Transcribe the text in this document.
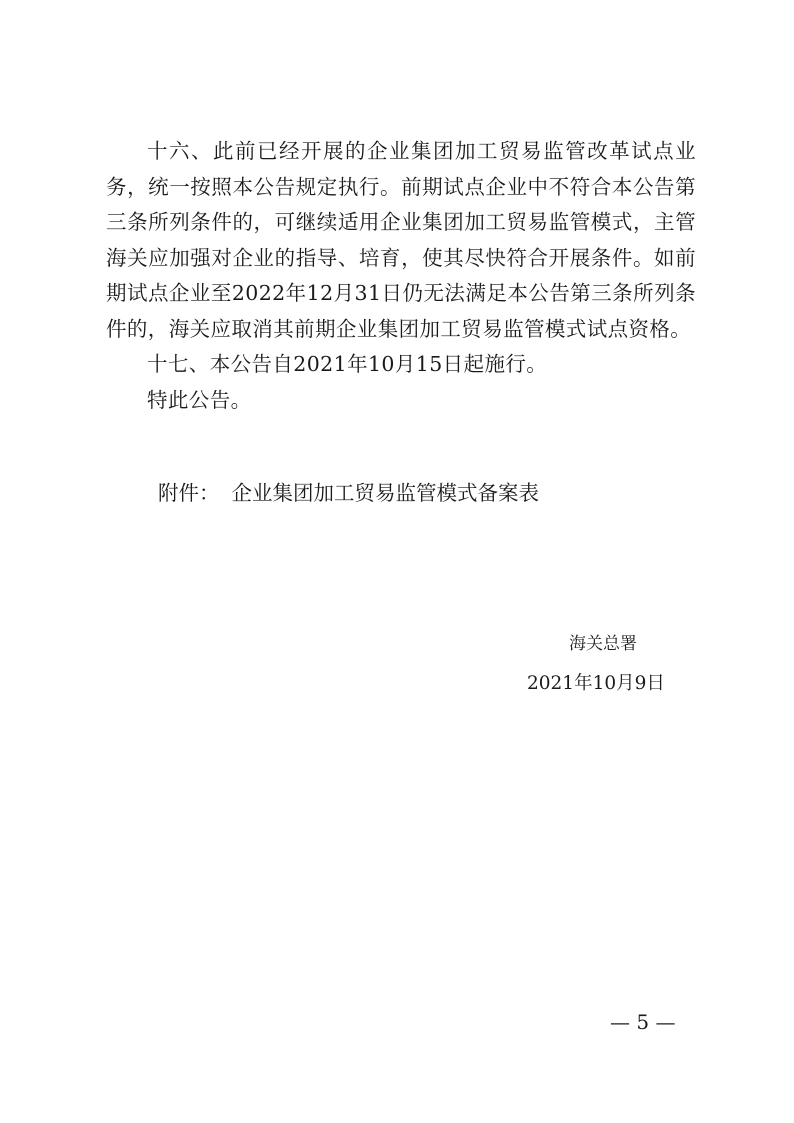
十六、此前已经开展的企业集团加工贸易监管改革试点业务，统一按照本公告规定执行。前期试点企业中不符合本公告第三条所列条件的，可继续适用企业集团加工贸易监管模式，主管海关应加强对企业的指导、培育，使其尽快符合开展条件。如前期试点企业至2022年12月31日仍无法满足本公告第三条所列条件的，海关应取消其前期企业集团加工贸易监管模式试点资格。

十七、本公告自2021年10月15日起施行。

特此公告。

附件： 企业集团加工贸易监管模式备案表
海关总署
2021年10月9日
— 5 —
